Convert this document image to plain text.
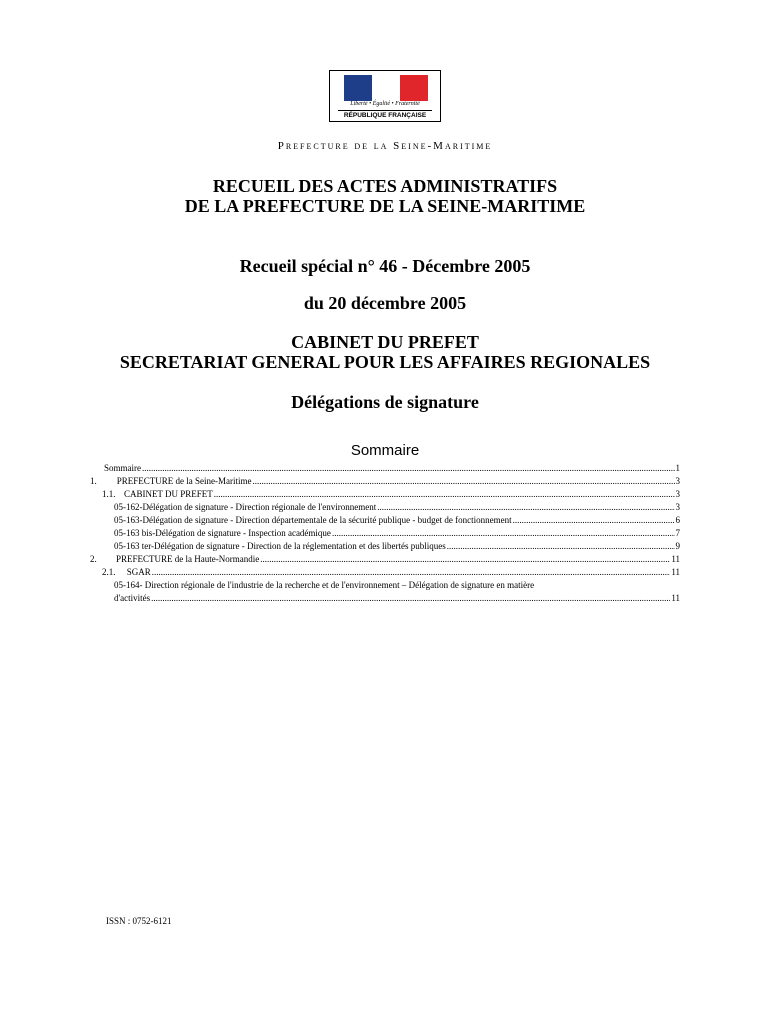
Liberté • Égalité • Fraternité
RÉPUBLIQUE FRANÇAISE
Prefecture de la Seine-Maritime
RECUEIL DES ACTES ADMINISTRATIFS
DE LA PREFECTURE DE LA SEINE-MARITIME
Recueil spécial n° 46 - Décembre 2005
du 20 décembre 2005
CABINET DU PREFET
SECRETARIAT GENERAL POUR LES AFFAIRES REGIONALES
Délégations de signature
Sommaire
Sommaire .....	1
1.	PREFECTURE de la Seine-Maritime .....	3
1.1. CABINET DU PREFET .....	3
05-162-Délégation de signature - Direction régionale de l'environnement .....	3
05-163-Délégation de signature - Direction départementale de la sécurité publique - budget de fonctionnement .....	6
05-163 bis-Délégation de signature - Inspection académique .....	7
05-163 ter-Délégation de signature - Direction de la réglementation et des libertés publiques .....	9
2.	PREFECTURE de la Haute-Normandie .....	11
2.1.	SGAR .....	11
05-164- Direction régionale de l'industrie de la recherche et de l'environnement – Délégation de signature en matière
d'activités .....	11
ISSN : 0752-6121
